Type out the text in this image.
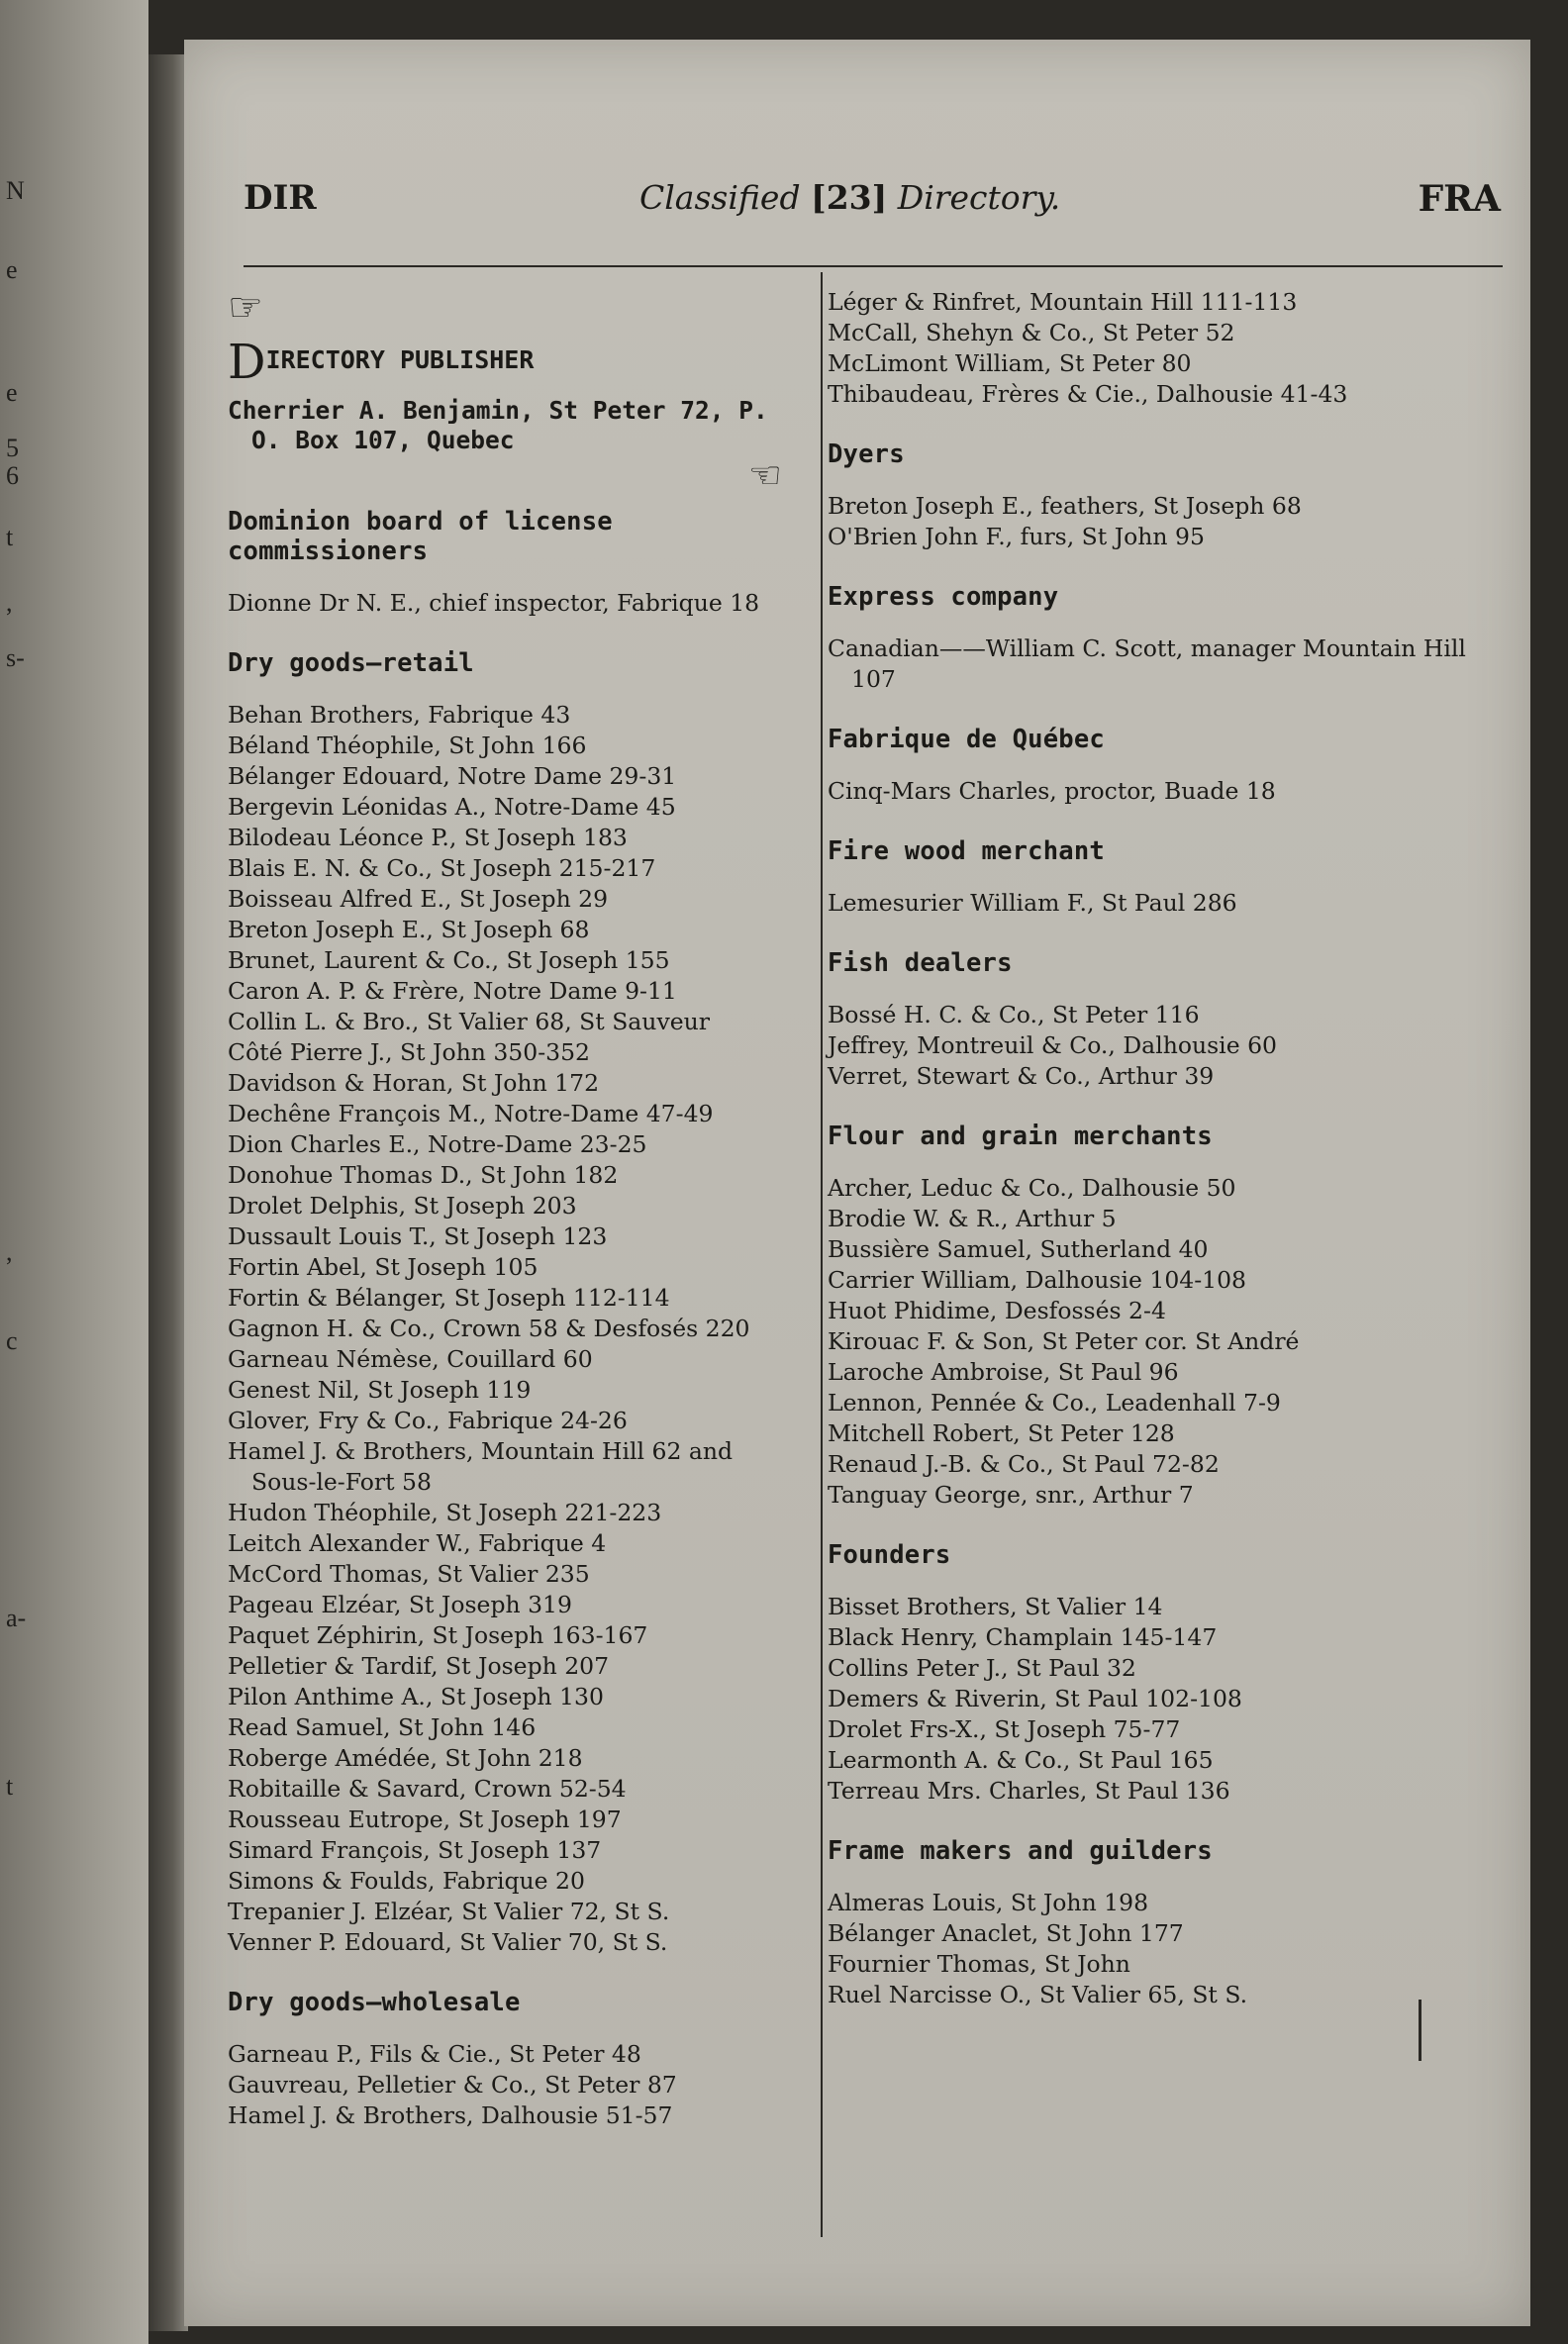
N
e
e
5
6
t
,
s-
,
c
a-
t
DIR	Classified [23] Directory.	FRA
☞
DIRECTORY PUBLISHER
Cherrier A. Benjamin, St Peter 72, P. O. Box 107, Quebec
☜
Dominion board of license commissioners
Dionne Dr N. E., chief inspector, Fabrique 18
Dry goods—retail
Behan Brothers, Fabrique 43
Béland Théophile, St John 166
Bélanger Edouard, Notre Dame 29-31
Bergevin Léonidas A., Notre-Dame 45
Bilodeau Léonce P., St Joseph 183
Blais E. N. & Co., St Joseph 215-217
Boisseau Alfred E., St Joseph 29
Breton Joseph E., St Joseph 68
Brunet, Laurent & Co., St Joseph 155
Caron A. P. & Frère, Notre Dame 9-11
Collin L. & Bro., St Valier 68, St Sauveur
Côté Pierre J., St John 350-352
Davidson & Horan, St John 172
Dechêne François M., Notre-Dame 47-49
Dion Charles E., Notre-Dame 23-25
Donohue Thomas D., St John 182
Drolet Delphis, St Joseph 203
Dussault Louis T., St Joseph 123
Fortin Abel, St Joseph 105
Fortin & Bélanger, St Joseph 112-114
Gagnon H. & Co., Crown 58 & Desfosés 220
Garneau Némèse, Couillard 60
Genest Nil, St Joseph 119
Glover, Fry & Co., Fabrique 24-26
Hamel J. & Brothers, Mountain Hill 62 and Sous-le-Fort 58
Hudon Théophile, St Joseph 221-223
Leitch Alexander W., Fabrique 4
McCord Thomas, St Valier 235
Pageau Elzéar, St Joseph 319
Paquet Zéphirin, St Joseph 163-167
Pelletier & Tardif, St Joseph 207
Pilon Anthime A., St Joseph 130
Read Samuel, St John 146
Roberge Amédée, St John 218
Robitaille & Savard, Crown 52-54
Rousseau Eutrope, St Joseph 197
Simard François, St Joseph 137
Simons & Foulds, Fabrique 20
Trepanier J. Elzéar, St Valier 72, St S.
Venner P. Edouard, St Valier 70, St S.
Dry goods—wholesale
Garneau P., Fils & Cie., St Peter 48
Gauvreau, Pelletier & Co., St Peter 87
Hamel J. & Brothers, Dalhousie 51-57
Léger & Rinfret, Mountain Hill 111-113
McCall, Shehyn & Co., St Peter 52
McLimont William, St Peter 80
Thibaudeau, Frères & Cie., Dalhousie 41-43
Dyers
Breton Joseph E., feathers, St Joseph 68
O'Brien John F., furs, St John 95
Express company
Canadian——William C. Scott, manager Mountain Hill 107
Fabrique de Québec
Cinq-Mars Charles, proctor, Buade 18
Fire wood merchant
Lemesurier William F., St Paul 286
Fish dealers
Bossé H. C. & Co., St Peter 116
Jeffrey, Montreuil & Co., Dalhousie 60
Verret, Stewart & Co., Arthur 39
Flour and grain merchants
Archer, Leduc & Co., Dalhousie 50
Brodie W. & R., Arthur 5
Bussière Samuel, Sutherland 40
Carrier William, Dalhousie 104-108
Huot Phidime, Desfossés 2-4
Kirouac F. & Son, St Peter cor. St André
Laroche Ambroise, St Paul 96
Lennon, Pennée & Co., Leadenhall 7-9
Mitchell Robert, St Peter 128
Renaud J.-B. & Co., St Paul 72-82
Tanguay George, snr., Arthur 7
Founders
Bisset Brothers, St Valier 14
Black Henry, Champlain 145-147
Collins Peter J., St Paul 32
Demers & Riverin, St Paul 102-108
Drolet Frs-X., St Joseph 75-77
Learmonth A. & Co., St Paul 165
Terreau Mrs. Charles, St Paul 136
Frame makers and guilders
Almeras Louis, St John 198
Bélanger Anaclet, St John 177
Fournier Thomas, St John
Ruel Narcisse O., St Valier 65, St S.
